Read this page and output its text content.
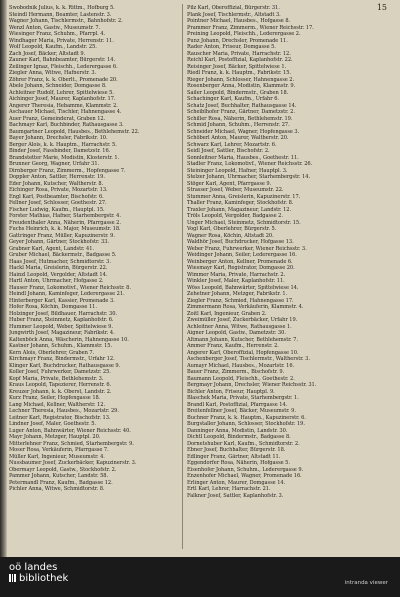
15
Swobodnik Julius, k. k. Rittm., Hofburg 5.
Steindl Hermann, Beamter, Lastenstr. 3.
Wagner Johann, Tischlermstr., Bahnhofstr. 2.
Wenzl Anton, Gastw., Museumstr. 7.
Wiesinger Franz, Schuhm., Pfarrpl. 4.
Windhager Maria, Private, Herrenstr. 11.
Wolf Leopold, Kaufm., Landstr. 25.
Zach Josef, Bäcker, Altstadt 9.
Zauner Karl, Bahnbeamter, Bürgerstr. 14.
Zeilinger Ignaz, Fleischh., Lederergasse 6.
Ziegler Anna, Witwe, Hafnerstr. 3.
Zöhrer Franz, k. k. Oberlt., Promenade 20.
Abele Johann, Schneider, Domgasse 8.
Achleitner Rudolf, Lehrer, Spittelwiese 5.
Aichinger Josef, Maurer, Kaplanhofstr. 17.
Angerer Theresia, Hebamme, Klammstr. 2.
Aschauer Michael, Tischler, Hahnengasse 4.
Auer Franz, Gemeinderat, Graben 12.
Bachmayr Karl, Buchbinder, Rathausgasse 3.
Baumgartner Leopold, Hausbes., Bethlehemstr. 22.
Bayer Johann, Drechsler, Fabrikstr. 10.
Berger Alois, k. k. Hauptm., Harrachstr. 5.
Binder Josef, Fassbinder, Dametzstr. 16.
Brandstetter Marie, Modistin, Klosterstr. 1.
Brunner Georg, Wagner, Urfahr 31.
Dirnberger Franz, Zimmerm., Hopfengasse 7.
Doppler Anton, Sattler, Herrenstr. 19.
Eder Johann, Kutscher, Waltherstr. 8.
Eichinger Rosa, Private, Mozartstr. 13.
Engl Karl, Postbeamter, Bischofstr. 6.
Fellner Josef, Schlosser, Goethestr. 27.
Fischer Ludwig, Kaufm., Hauptpl. 15.
Forster Mathias, Hafner, Starhembergstr. 4.
Freudenthaler Anna, Näherin, Pfarrgasse 2.
Fuchs Heinrich, k. k. Major, Museumstr. 18.
Gattringer Franz, Müller, Kapuzinerstr. 9.
Geyer Johann, Gärtner, Stockhofstr. 33.
Grabner Karl, Agent, Landstr. 41.
Gruber Michael, Bäckermstr., Badgasse 5.
Haas Josef, Hutmacher, Schmidtorstr. 3.
Hackl Maria, Greislerin, Bürgerstr. 22.
Hainzl Leopold, Vergolder, Altstadt 14.
Hartl Anton, Uhrmacher, Hofgasse 2.
Hauser Franz, Lokomotivf., Wiener Reichsstr. 8.
Heindl Johann, Kaminfeger, Lederergasse 21.
Hinterberger Karl, Kassier, Promenade 3.
Hofer Rosa, Köchin, Domgasse 11.
Holzinger Josef, Bildhauer, Harrachstr. 30.
Huber Franz, Steinmetz, Kaplanhofstr. 6.
Hummer Leopold, Weber, Spittelwiese 9.
Jungwirth Josef, Magazineur, Fabrikstr. 4.
Kaltenböck Anna, Wäscherin, Hahnengasse 10.
Kastner Johann, Schuhm., Klammstr. 15.
Kern Alois, Oberlehrer, Graben 7.
Kirchmayr Franz, Bindermstr., Urfahr 12.
Klinger Karl, Buchdrucker, Rathausgasse 9.
Koller Josef, Fuhrwerker, Dametzstr. 25.
Kopf Maria, Private, Bethlehemstr. 3.
Kraus Leopold, Tapezierer, Herrenstr. 6.
Kreuzer Johann, k. k. Oberst, Landstr. 2.
Kurz Franz, Seiler, Hopfengasse 18.
Lang Michael, Kellner, Waltherstr. 12.
Lechner Theresia, Hausbes., Mozartstr. 29.
Leitner Karl, Registrator, Bischofstr. 13.
Lindner Josef, Maler, Goethestr. 5.
Luger Anton, Bahnwärter, Wiener Reichsstr. 40.
Mayr Johann, Metzger, Hauptpl. 20.
Mitterlehner Franz, Schmied, Starhembergstr. 9.
Moser Rosa, Verkäuferin, Pfarrgasse 7.
Müller Karl, Ingenieur, Museumstr. 4.
Nussbaumer Josef, Zuckerbäcker, Kapuzinerstr. 3.
Obermayr Leopold, Gastw., Stockhofstr. 2.
Pammer Johann, Kutscher, Landstr. 58.
Petermandl Franz, Kaufm., Badgasse 12.
Pichler Anna, Witwe, Schmidtorstr. 8.
Pilz Karl, Oberoffizial, Bürgerstr. 31.
Plank Josef, Tischlermstr., Altstadt 3.
Pointner Michael, Hausbes., Hofgasse 8.
Prammer Franz, Zimmerm., Wiener Reichsstr. 17.
Preining Leopold, Fleischh., Lederergasse 2.
Punz Johann, Drechsler, Promenade 11.
Rader Anton, Friseur, Domgasse 5.
Rauscher Maria, Private, Harrachstr. 12.
Reichl Karl, Postoffizial, Kaplanhofstr. 22.
Reisinger Josef, Bäcker, Spittelwiese 1.
Riedl Franz, k. k. Hauptm., Fabrikstr. 15.
Rieger Johann, Schlosser, Hahnengasse 2.
Rosenberger Anna, Modistin, Klammstr. 9.
Sailer Leopold, Bindermstr., Graben 18.
Schachinger Karl, Kaufm., Urfahr 6.
Schatz Josef, Buchhalter, Rathausgasse 14.
Scheiblhofer Franz, Gärtner, Dametzstr. 2.
Schiller Rosa, Näherin, Bethlehemstr. 19.
Schmid Johann, Schuhm., Herrenstr. 27.
Schneider Michael, Wagner, Hopfengasse 3.
Schöberl Anton, Maurer, Waltherstr. 20.
Schwarz Karl, Lehrer, Mozartstr. 6.
Seidl Josef, Sattler, Bischofstr. 2.
Sonnleitner Maria, Hausbes., Goethestr. 11.
Stadler Franz, Lokomotivf., Wiener Reichsstr. 26.
Steininger Leopold, Hafner, Hauptpl. 3.
Stelzer Johann, Uhrmacher, Starhembergstr. 14.
Stöger Karl, Agent, Pfarrgasse 9.
Strasser Josef, Weber, Museumstr. 22.
Stummer Anna, Greislerin, Kapuzinerstr. 17.
Thaller Franz, Kaminfeger, Stockhofstr. 8.
Traxler Johann, Magazineur, Landstr. 12.
Tröls Leopold, Vergolder, Badgasse 2.
Unger Michael, Steinmetz, Schmidtorstr. 15.
Vogl Karl, Oberlehrer, Bürgerstr. 5.
Wagner Rosa, Köchin, Altstadt 20.
Waldhör Josef, Buchdrucker, Hofgasse 13.
Weber Franz, Fuhrwerker, Wiener Reichsstr. 3.
Weidinger Johann, Seiler, Lederergasse 16.
Weinberger Anton, Kellner, Promenade 6.
Wiesmayr Karl, Registrator, Domgasse 20.
Wimmer Maria, Private, Harrachstr. 2.
Winkler Josef, Maler, Kaplanhofstr. 11.
Wöss Leopold, Bahnwärter, Spittelwiese 14.
Zehetner Johann, Metzger, Fabrikstr. 1.
Ziegler Franz, Schmied, Hahnengasse 17.
Zimmermann Rosa, Verkäuferin, Klammstr. 4.
Zoitl Karl, Ingenieur, Graben 2.
Zweimüller Josef, Zuckerbäcker, Urfahr 19.
Achleitner Anna, Witwe, Rathausgasse 1.
Aigner Leopold, Gastw., Dametzstr. 30.
Altmann Johann, Kutscher, Bethlehemstr. 7.
Ammer Franz, Kaufm., Herrenstr. 2.
Angerer Karl, Oberoffizial, Hopfengasse 10.
Aschenberger Josef, Tischlermstr., Waltherstr. 3.
Aumayr Michael, Hausbes., Mozartstr. 16.
Bauer Franz, Zimmerm., Bischofstr. 9.
Baumann Leopold, Fleischh., Goethestr. 2.
Bergmayr Johann, Drechsler, Wiener Reichsstr. 31.
Bichler Anton, Friseur, Hauptpl. 9.
Blaschek Maria, Private, Starhembergstr. 1.
Brandl Karl, Postoffizial, Pfarrgasse 14.
Breitenfellner Josef, Bäcker, Museumstr. 9.
Buchner Franz, k. k. Hauptm., Kapuzinerstr. 6.
Burgstaller Johann, Schlosser, Stockhofstr. 19.
Danninger Anna, Modistin, Landstr. 30.
Dichtl Leopold, Bindermstr., Badgasse 8.
Dornetshuber Karl, Kaufm., Schmidtorstr. 2.
Ebner Josef, Buchhalter, Bürgerstr. 18.
Edlinger Franz, Gärtner, Altstadt 11.
Eggendorfer Rosa, Näherin, Hofgasse 5.
Eisenhofer Johann, Schuhm., Lederergasse 9.
Enzenhofer Michael, Wagner, Promenade 16.
Erlinger Anton, Maurer, Domgasse 14.
Ertl Karl, Lehrer, Harrachstr. 21.
Falkner Josef, Sattler, Kaplanhofstr. 3.
oö landes
bibliothek	intranda viewer
